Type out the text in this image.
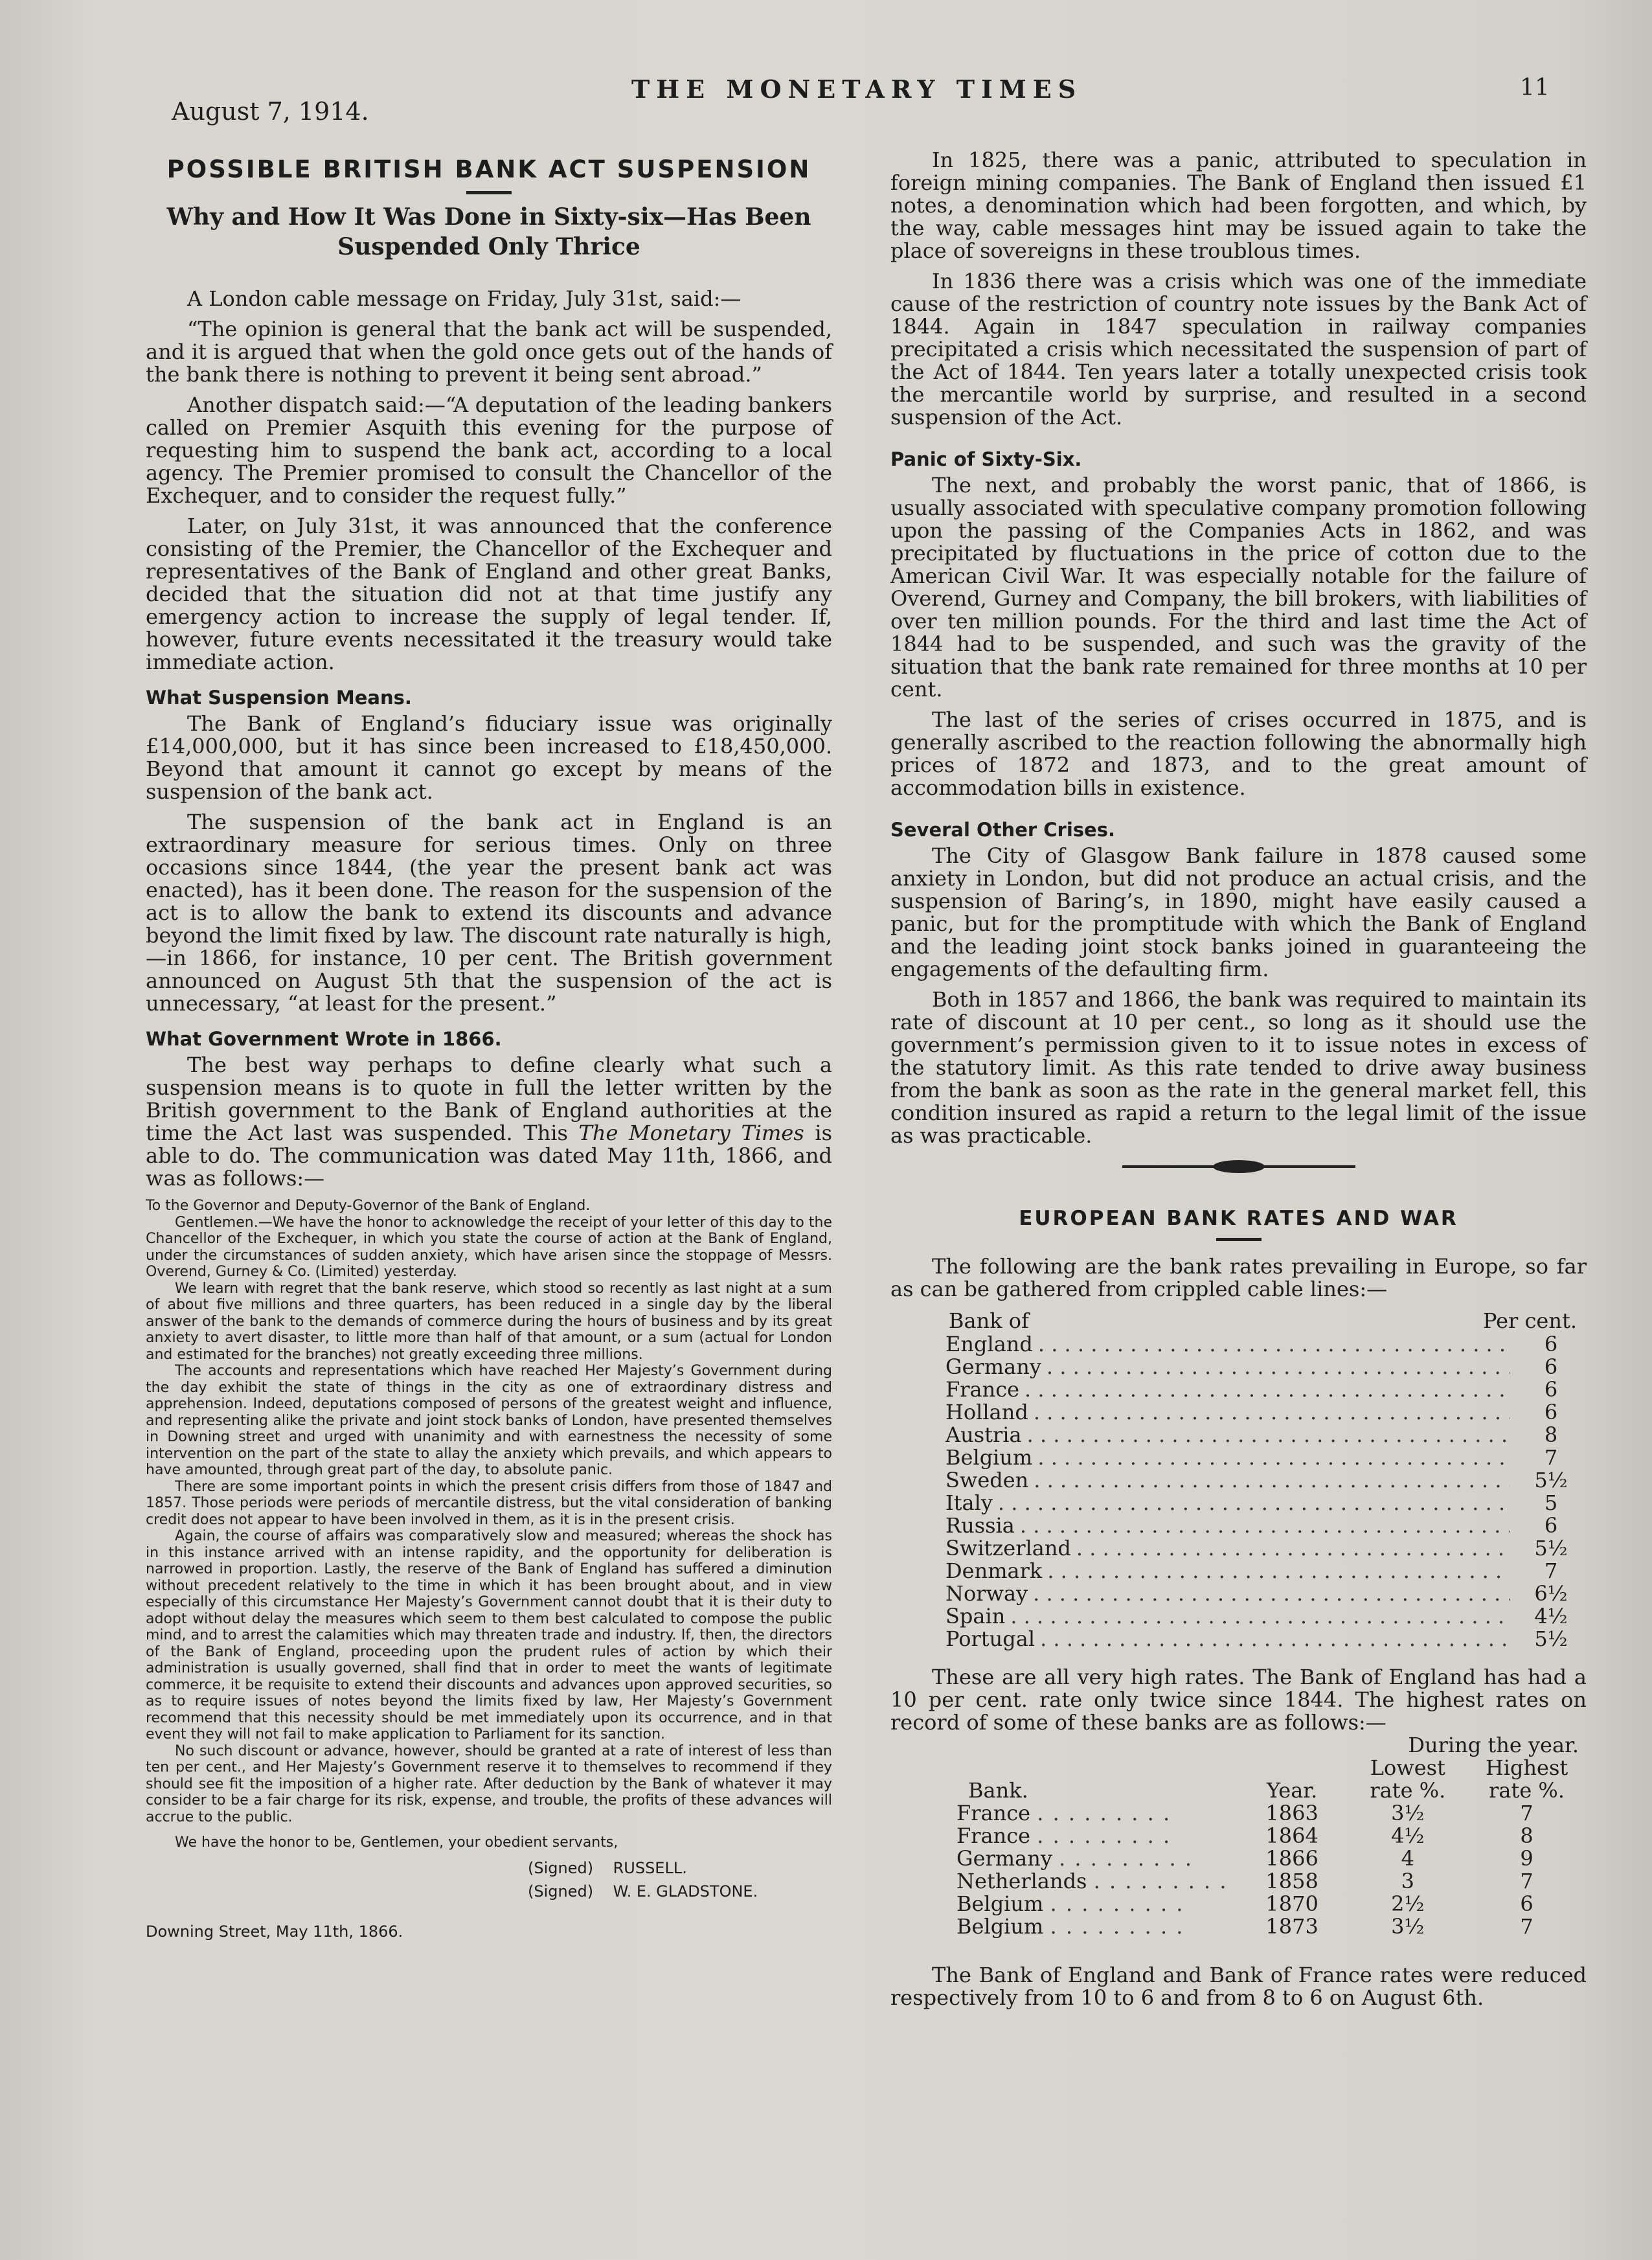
August 7, 1914.
THE MONETARY TIMES	11
POSSIBLE BRITISH BANK ACT SUSPENSION
Why and How It Was Done in Sixty-six—Has Been Suspended Only Thrice

A London cable message on Friday, July 31st, said:—

“The opinion is general that the bank act will be suspended, and it is argued that when the gold once gets out of the hands of the bank there is nothing to prevent it being sent abroad.”

Another dispatch said:—“A deputation of the leading bankers called on Premier Asquith this evening for the purpose of requesting him to suspend the bank act, according to a local agency. The Premier promised to consult the Chancellor of the Exchequer, and to consider the request fully.”

Later, on July 31st, it was announced that the conference consisting of the Premier, the Chancellor of the Exchequer and representatives of the Bank of England and other great Banks, decided that the situation did not at that time justify any emergency action to increase the supply of legal tender. If, however, future events necessitated it the treasury would take immediate action.

What Suspension Means.

The Bank of England’s fiduciary issue was originally £14,000,000, but it has since been increased to £18,450,000. Beyond that amount it cannot go except by means of the suspension of the bank act.

The suspension of the bank act in England is an extraordinary measure for serious times. Only on three occasions since 1844, (the year the present bank act was enacted), has it been done. The reason for the suspension of the act is to allow the bank to extend its discounts and advance beyond the limit fixed by law. The discount rate naturally is high,—in 1866, for instance, 10 per cent. The British government announced on August 5th that the suspension of the act is unnecessary, “at least for the present.”

What Government Wrote in 1866.

The best way perhaps to define clearly what such a suspension means is to quote in full the letter written by the British government to the Bank of England authorities at the time the Act last was suspended. This The Monetary Times is able to do. The communication was dated May 11th, 1866, and was as follows:—

To the Governor and Deputy-Governor of the Bank of England.

Gentlemen.—We have the honor to acknowledge the receipt of your letter of this day to the Chancellor of the Exchequer, in which you state the course of action at the Bank of England, under the circumstances of sudden anxiety, which have arisen since the stoppage of Messrs. Overend, Gurney & Co. (Limited) yesterday.

We learn with regret that the bank reserve, which stood so recently as last night at a sum of about five millions and three quarters, has been reduced in a single day by the liberal answer of the bank to the demands of commerce during the hours of business and by its great anxiety to avert disaster, to little more than half of that amount, or a sum (actual for London and estimated for the branches) not greatly exceeding three millions.

The accounts and representations which have reached Her Majesty’s Government during the day exhibit the state of things in the city as one of extraordinary distress and apprehension. Indeed, deputations composed of persons of the greatest weight and influence, and representing alike the private and joint stock banks of London, have presented themselves in Downing street and urged with unanimity and with earnestness the necessity of some intervention on the part of the state to allay the anxiety which prevails, and which appears to have amounted, through great part of the day, to absolute panic.

There are some important points in which the present crisis differs from those of 1847 and 1857. Those periods were periods of mercantile distress, but the vital consideration of banking credit does not appear to have been involved in them, as it is in the present crisis.

Again, the course of affairs was comparatively slow and measured; whereas the shock has in this instance arrived with an intense rapidity, and the opportunity for deliberation is narrowed in proportion. Lastly, the reserve of the Bank of England has suffered a diminution without precedent relatively to the time in which it has been brought about, and in view especially of this circumstance Her Majesty’s Government cannot doubt that it is their duty to adopt without delay the measures which seem to them best calculated to compose the public mind, and to arrest the calamities which may threaten trade and industry. If, then, the directors of the Bank of England, proceeding upon the prudent rules of action by which their administration is usually governed, shall find that in order to meet the wants of legitimate commerce, it be requisite to extend their discounts and advances upon approved securities, so as to require issues of notes beyond the limits fixed by law, Her Majesty’s Government recommend that this necessity should be met immediately upon its occurrence, and in that event they will not fail to make application to Parliament for its sanction.

No such discount or advance, however, should be granted at a rate of interest of less than ten per cent., and Her Majesty’s Government reserve it to themselves to recommend if they should see fit the imposition of a higher rate. After deduction by the Bank of whatever it may consider to be a fair charge for its risk, expense, and trouble, the profits of these advances will accrue to the public.

We have the honor to be, Gentlemen, your obedient servants,

(Signed) RUSSELL.
(Signed) W. E. GLADSTONE.
Downing Street, May 11th, 1866.

In 1825, there was a panic, attributed to speculation in foreign mining companies. The Bank of England then issued £1 notes, a denomination which had been forgotten, and which, by the way, cable messages hint may be issued again to take the place of sovereigns in these troublous times.

In 1836 there was a crisis which was one of the immediate cause of the restriction of country note issues by the Bank Act of 1844. Again in 1847 speculation in railway companies precipitated a crisis which necessitated the suspension of part of the Act of 1844. Ten years later a totally unexpected crisis took the mercantile world by surprise, and resulted in a second suspension of the Act.

Panic of Sixty-Six.

The next, and probably the worst panic, that of 1866, is usually associated with speculative company promotion following upon the passing of the Companies Acts in 1862, and was precipitated by fluctuations in the price of cotton due to the American Civil War. It was especially notable for the failure of Overend, Gurney and Company, the bill brokers, with liabilities of over ten million pounds. For the third and last time the Act of 1844 had to be suspended, and such was the gravity of the situation that the bank rate remained for three months at 10 per cent.

The last of the series of crises occurred in 1875, and is generally ascribed to the reaction following the abnormally high prices of 1872 and 1873, and to the great amount of accommodation bills in existence.

Several Other Crises.

The City of Glasgow Bank failure in 1878 caused some anxiety in London, but did not produce an actual crisis, and the suspension of Baring’s, in 1890, might have easily caused a panic, but for the promptitude with which the Bank of England and the leading joint stock banks joined in guaranteeing the engagements of the defaulting firm.

Both in 1857 and 1866, the bank was required to maintain its rate of discount at 10 per cent., so long as it should use the government’s permission given to it to issue notes in excess of the statutory limit. As this rate tended to drive away business from the bank as soon as the rate in the general market fell, this condition insured as rapid a return to the legal limit of the issue as was practicable.

EUROPEAN BANK RATES AND WAR

The following are the bank rates prevailing in Europe, so far as can be gathered from crippled cable lines:—

Bank of	Per cent.
England . . .	6
Germany . . .	6
France . . .	6
Holland . . .	6
Austria . . .	8
Belgium . . .	7
Sweden . . .	5½
Italy . . .	5
Russia . . .	6
Switzerland . . .	5½
Denmark . . .	7
Norway . . .	6½
Spain . . .	4½
Portugal . . .	5½

These are all very high rates. The Bank of England has had a 10 per cent. rate only twice since 1844. The highest rates on record of some of these banks are as follows:—

		During the year.	
Bank.	Year.	Lowest rate %.	Highest rate %.
France . . . . . . . . .	1863	3½	7
France . . . . . . . . .	1864	4½	8
Germany . . . . . . . . .	1866	4	9
Netherlands . . . . . . . . .	1858	3	7
Belgium . . . . . . . . .	1870	2½	6
Belgium . . . . . . . . .	1873	3½	7

The Bank of England and Bank of France rates were reduced respectively from 10 to 6 and from 8 to 6 on August 6th.
